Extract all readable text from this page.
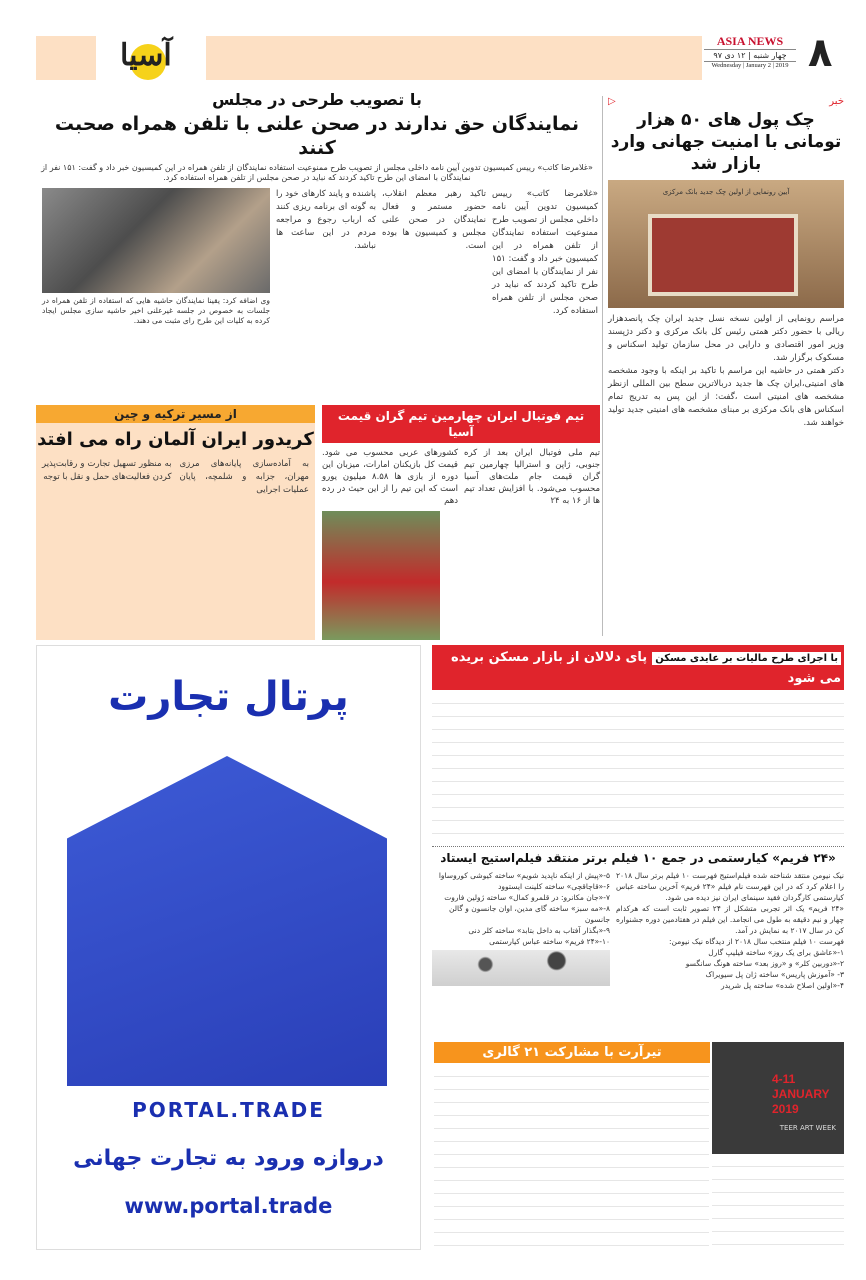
آسیا	ASIA NEWS
چهار شنبه | ۱۲ دی ۹۷
Wednesday | January 2 | 2019 ۸
با تصویب طرحی در مجلس
نمایندگان حق ندارند در صحن علنی با تلفن همراه صحبت کنند
«غلامرضا کاتب» رییس کمیسیون تدوین آیین نامه داخلی مجلس از تصویب طرح ممنوعیت استفاده نمایندگان از تلفن همراه در این کمیسیون خبر داد و گفت: ۱۵۱ نفر از نمایندگان با امضای این طرح تاکید کردند که نباید در صحن مجلس از تلفن همراه استفاده کرد.
«غلامرضا کاتب» رییس کمیسیون تدوین آیین نامه داخلی مجلس از تصویب طرح ممنوعیت استفاده نمایندگان از تلفن همراه در این کمیسیون خبر داد و گفت: ۱۵۱ نفر از نمایندگان با امضای این طرح تاکید کردند که نباید در صحن مجلس از تلفن همراه استفاده کرد.
تاکید رهبر معظم انقلاب، حضور مستمر و فعال نمایندگان در صحن علنی مجلس و کمیسیون ها بوده است.
پاشنده و پایند کارهای خود را به گونه ای برنامه ریزی کنند که ارباب رجوع و مراجعه مردم در این ساعت ها نباشد.
وی اضافه کرد: یقینا نمایندگان حاشیه هایی که استفاده از تلفن همراه در جلسات به خصوص در جلسه غیرعلنی اخیر حاشیه سازی مجلس ایجاد کرده به کلیات این طرح رای مثبت می دهند.
▷	خبر
چک پول های ۵۰ هزار تومانی با امنیت جهانی وارد بازار شد
آیین رونمایی از اولین چک جدید بانک مرکزی

مراسم رونمایی از اولین نسخه نسل جدید ایران چک پانصدهزار ریالی با حضور دکتر همتی رئیس کل بانک مرکزی و دکتر دژپسند وزیر امور اقتصادی و دارایی در محل سازمان تولید اسکناس و مسکوک برگزار شد.

دکتر همتی در حاشیه این مراسم با تاکید بر اینکه با وجود مشخصه های امنیتی،ایران چک ها جدید دربالاترین سطح بین المللی ازنظر مشخصه های امنیتی است ،گفت: از این پس به تدریج تمام اسکناس های بانک مرکزی بر مبنای مشخصه های امنیتی جدید تولید خواهند شد.

از مسیر ترکیه و چین
کریدور ایران آلمان راه می افتد
به آماده‌سازی پایانه‌های مرزی مهران، جزابه و شلمچه، پایان عملیات اجرایی
به منظور تسهیل تجارت و رقابت‌پذیر کردن فعالیت‌های حمل و نقل با توجه
تیم فوتبال ایران چهارمین تیم گران قیمت آسیا
تیم ملی فوتبال ایران بعد از کره جنوبی، ژاپن و استرالیا چهارمین تیم گران قیمت جام ملت‌های آسیا محسوب می‌شود. با افزایش تعداد تیم ها از ۱۶ به ۲۴
کشورهای عربی محسوب می شود. قیمت کل بازیکنان امارات، میزبان این دوره از بازی ها ۸.۵۸ میلیون یورو است که این تیم را از این حیث در رده دهم
با اجرای طرح مالیات بر عایدی مسکن پای دلالان از بازار مسکن بریده می شود
پرتال تجارت
PORTAL.TRADE
دروازه ورود به تجارت جهانی
www.portal.trade
«۲۴ فریم» کیارستمی در جمع ۱۰ فیلم برتر منتقد فیلم‌استیج ایستاد

نیک نیومن منتقد شناخته شده فیلم‌استیج فهرست ۱۰ فیلم برتر سال ۲۰۱۸ را اعلام کرد که در این فهرست نام فیلم «۲۴ فریم» آخرین ساخته عباس کیارستمی کارگردان فقید سینمای ایران نیز دیده می شود.

«۲۴ فریم» یک اثر تجربی متشکل از ۲۴ تصویر ثابت است که هرکدام چهار و نیم دقیقه به طول می انجامد. این فیلم در هفتادمین دوره جشنواره کن در سال ۲۰۱۷ به نمایش در آمد.

فهرست ۱۰ فیلم منتخب سال ۲۰۱۸ از دیدگاه نیک نیومن:

۱-«عاشق برای یک روز» ساخته فیلیپ گارل

۲-«دوربین کلر» و «روز بعد» ساخته هونگ سانگسو

۳- «آموزش پاریس» ساخته ژان پل سیویراک

۴-«اولین اصلاح شده» ساخته پل شریدر

۵-«پیش از اینکه ناپدید شویم» ساخته کیوشی کوروساوا

۶-«قاچاقچی» ساخته کلینت ایستوود

۷-«جان مکانرو: در قلمرو کمال» ساخته ژولین فاروت

۸-«مه سبز» ساخته گای مدین، اوان جانسون و گالن جانسون

۹-«بگذار آفتاب به داخل بتابد» ساخته کلر دنی

۱۰-«۲۴ فریم» ساخته عباس کیارستمی

تیرآرت با مشارکت ۲۱ گالری
4-11 JANUARY 2019
TEER ART WEEK
